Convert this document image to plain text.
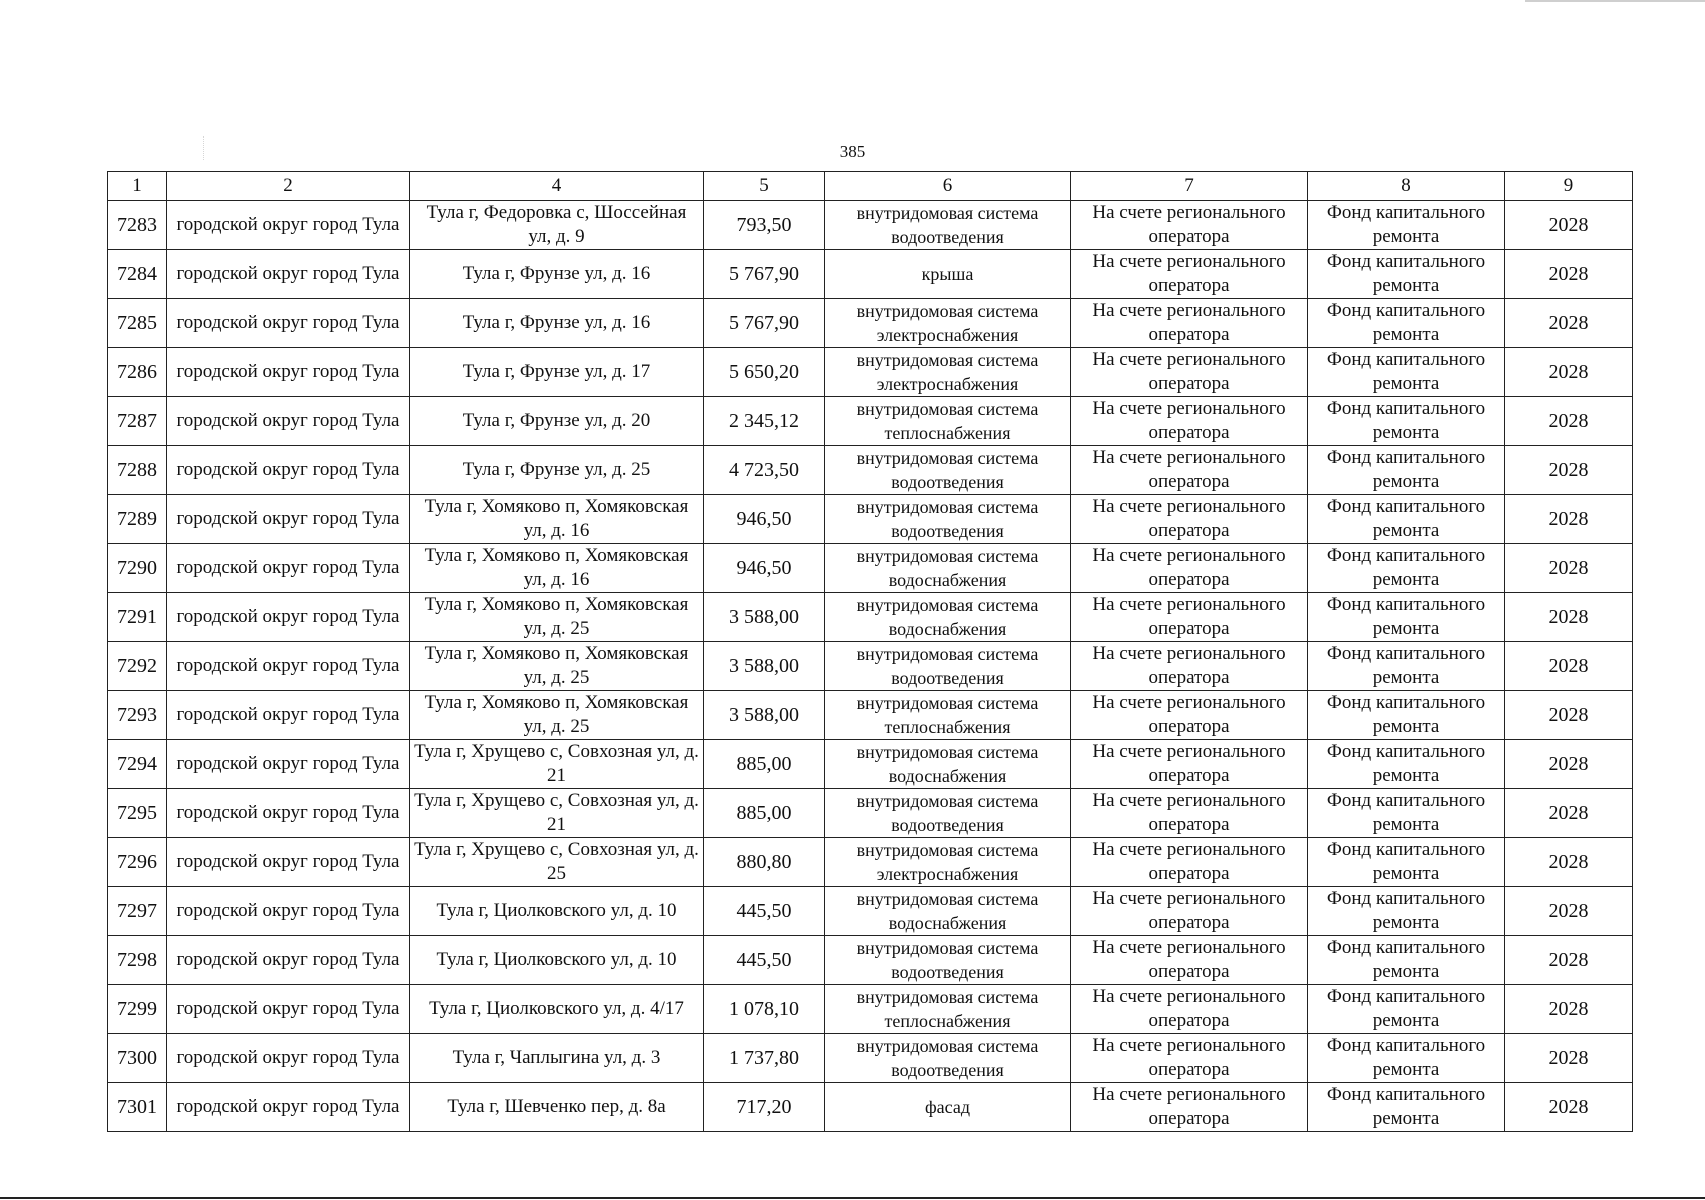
385
1	2	4	5	6	7	8	9
7283	городской округ город Тула	Тула г, Федоровка с, Шоссейная ул, д. 9	793,50	внутридомовая система водоотведения	На счете регионального оператора	Фонд капитального ремонта	2028
7284	городской округ город Тула	Тула г, Фрунзе ул, д. 16	5 767,90	крыша	На счете регионального оператора	Фонд капитального ремонта	2028
7285	городской округ город Тула	Тула г, Фрунзе ул, д. 16	5 767,90	внутридомовая система электроснабжения	На счете регионального оператора	Фонд капитального ремонта	2028
7286	городской округ город Тула	Тула г, Фрунзе ул, д. 17	5 650,20	внутридомовая система электроснабжения	На счете регионального оператора	Фонд капитального ремонта	2028
7287	городской округ город Тула	Тула г, Фрунзе ул, д. 20	2 345,12	внутридомовая система теплоснабжения	На счете регионального оператора	Фонд капитального ремонта	2028
7288	городской округ город Тула	Тула г, Фрунзе ул, д. 25	4 723,50	внутридомовая система водоотведения	На счете регионального оператора	Фонд капитального ремонта	2028
7289	городской округ город Тула	Тула г, Хомяково п, Хомяковская ул, д. 16	946,50	внутридомовая система водоотведения	На счете регионального оператора	Фонд капитального ремонта	2028
7290	городской округ город Тула	Тула г, Хомяково п, Хомяковская ул, д. 16	946,50	внутридомовая система водоснабжения	На счете регионального оператора	Фонд капитального ремонта	2028
7291	городской округ город Тула	Тула г, Хомяково п, Хомяковская ул, д. 25	3 588,00	внутридомовая система водоснабжения	На счете регионального оператора	Фонд капитального ремонта	2028
7292	городской округ город Тула	Тула г, Хомяково п, Хомяковская ул, д. 25	3 588,00	внутридомовая система водоотведения	На счете регионального оператора	Фонд капитального ремонта	2028
7293	городской округ город Тула	Тула г, Хомяково п, Хомяковская ул, д. 25	3 588,00	внутридомовая система теплоснабжения	На счете регионального оператора	Фонд капитального ремонта	2028
7294	городской округ город Тула	Тула г, Хрущево с, Совхозная ул, д. 21	885,00	внутридомовая система водоснабжения	На счете регионального оператора	Фонд капитального ремонта	2028
7295	городской округ город Тула	Тула г, Хрущево с, Совхозная ул, д. 21	885,00	внутридомовая система водоотведения	На счете регионального оператора	Фонд капитального ремонта	2028
7296	городской округ город Тула	Тула г, Хрущево с, Совхозная ул, д. 25	880,80	внутридомовая система электроснабжения	На счете регионального оператора	Фонд капитального ремонта	2028
7297	городской округ город Тула	Тула г, Циолковского ул, д. 10	445,50	внутридомовая система водоснабжения	На счете регионального оператора	Фонд капитального ремонта	2028
7298	городской округ город Тула	Тула г, Циолковского ул, д. 10	445,50	внутридомовая система водоотведения	На счете регионального оператора	Фонд капитального ремонта	2028
7299	городской округ город Тула	Тула г, Циолковского ул, д. 4/17	1 078,10	внутридомовая система теплоснабжения	На счете регионального оператора	Фонд капитального ремонта	2028
7300	городской округ город Тула	Тула г, Чаплыгина ул, д. 3	1 737,80	внутридомовая система водоотведения	На счете регионального оператора	Фонд капитального ремонта	2028
7301	городской округ город Тула	Тула г, Шевченко пер, д. 8а	717,20	фасад	На счете регионального оператора	Фонд капитального ремонта	2028
